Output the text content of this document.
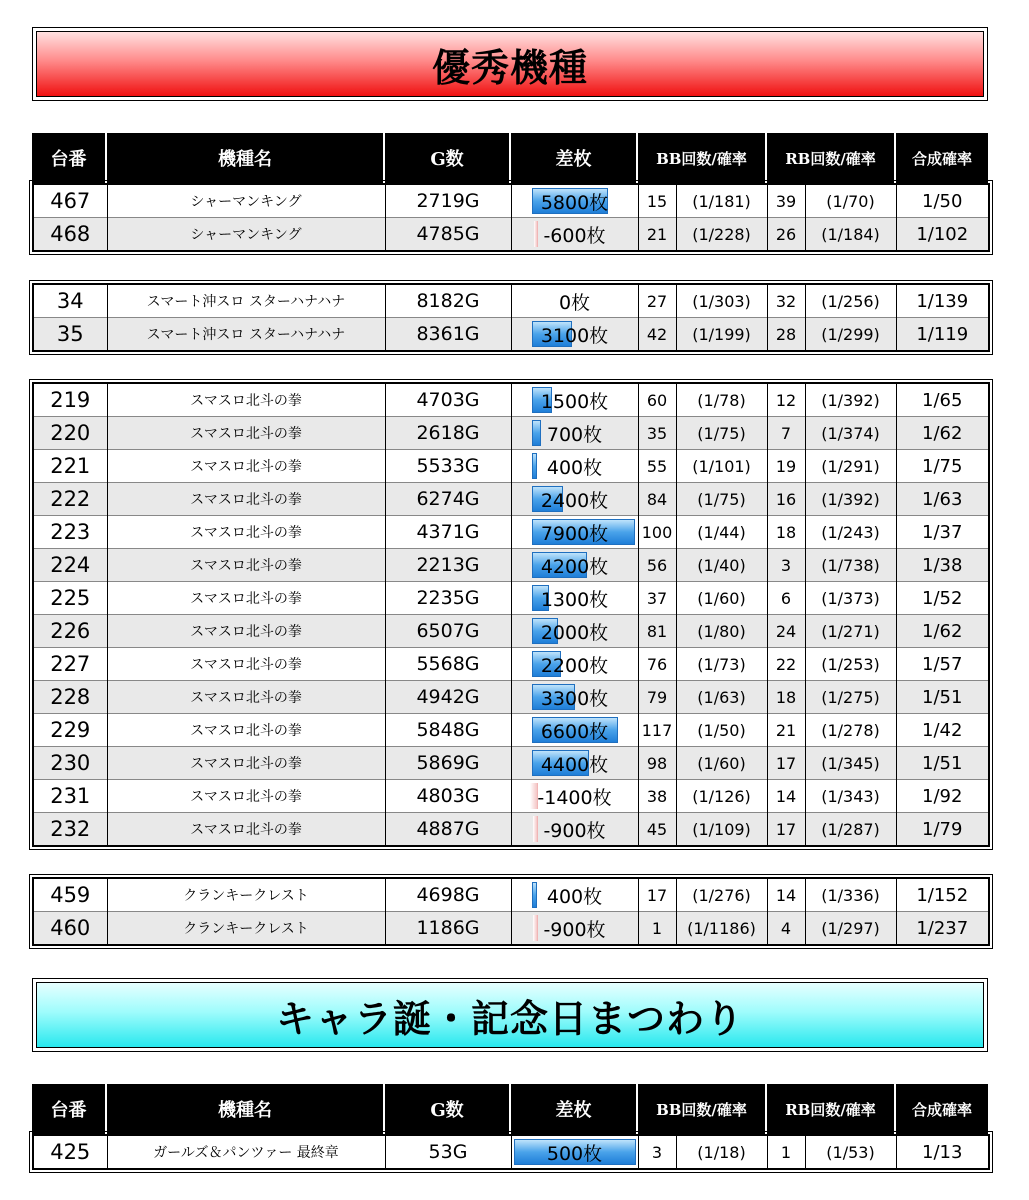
優秀機種
台番	機種名	G数	差枚	BB回数/確率	RB回数/確率	合成確率
467	シャーマンキング	2719G	5800枚	15	(1/181)	39	(1/70)	1/50
468	シャーマンキング	4785G	-600枚	21	(1/228)	26	(1/184)	1/102
34	スマート沖スロ スターハナハナ	8182G	0枚	27	(1/303)	32	(1/256)	1/139
35	スマート沖スロ スターハナハナ	8361G	3100枚	42	(1/199)	28	(1/299)	1/119
219	スマスロ北斗の拳	4703G	1500枚	60	(1/78)	12	(1/392)	1/65
220	スマスロ北斗の拳	2618G	700枚	35	(1/75)	7	(1/374)	1/62
221	スマスロ北斗の拳	5533G	400枚	55	(1/101)	19	(1/291)	1/75
222	スマスロ北斗の拳	6274G	2400枚	84	(1/75)	16	(1/392)	1/63
223	スマスロ北斗の拳	4371G	7900枚	100	(1/44)	18	(1/243)	1/37
224	スマスロ北斗の拳	2213G	4200枚	56	(1/40)	3	(1/738)	1/38
225	スマスロ北斗の拳	2235G	1300枚	37	(1/60)	6	(1/373)	1/52
226	スマスロ北斗の拳	6507G	2000枚	81	(1/80)	24	(1/271)	1/62
227	スマスロ北斗の拳	5568G	2200枚	76	(1/73)	22	(1/253)	1/57
228	スマスロ北斗の拳	4942G	3300枚	79	(1/63)	18	(1/275)	1/51
229	スマスロ北斗の拳	5848G	6600枚	117	(1/50)	21	(1/278)	1/42
230	スマスロ北斗の拳	5869G	4400枚	98	(1/60)	17	(1/345)	1/51
231	スマスロ北斗の拳	4803G	-1400枚	38	(1/126)	14	(1/343)	1/92
232	スマスロ北斗の拳	4887G	-900枚	45	(1/109)	17	(1/287)	1/79
459	クランキークレスト	4698G	400枚	17	(1/276)	14	(1/336)	1/152
460	クランキークレスト	1186G	-900枚	1	(1/1186)	4	(1/297)	1/237
キャラ誕・記念日まつわり
台番	機種名	G数	差枚	BB回数/確率	RB回数/確率	合成確率
425	ガールズ＆パンツァー 最終章	53G	500枚	3	(1/18)	1	(1/53)	1/13
